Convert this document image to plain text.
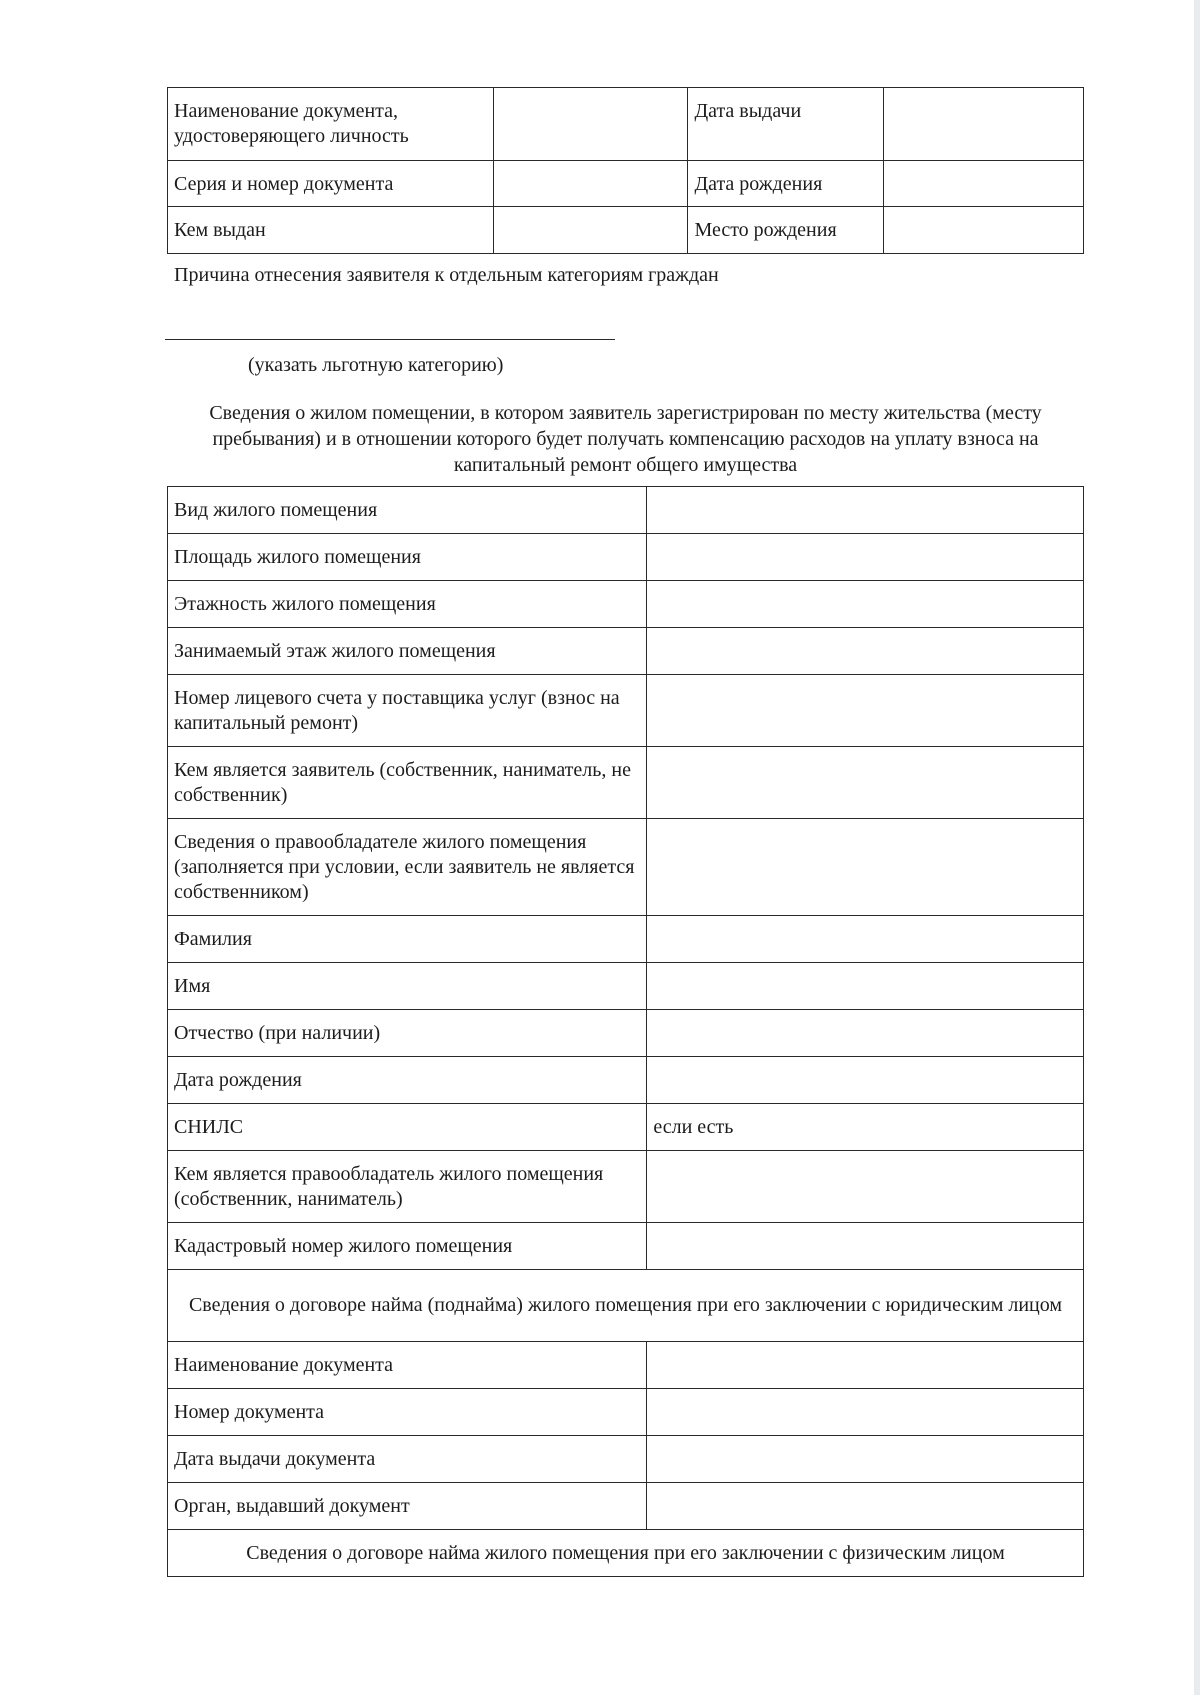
Наименование документа, удостоверяющего личность		Дата выдачи	
Серия и номер документа		Дата рождения	
Кем выдан		Место рождения	
Причина отнесения заявителя к отдельным категориям граждан
(указать льготную категорию)
Сведения о жилом помещении, в котором заявитель зарегистрирован по месту жительства (месту пребывания) и в отношении которого будет получать компенсацию расходов на уплату взноса на капитальный ремонт общего имущества
Вид жилого помещения	
Площадь жилого помещения	
Этажность жилого помещения	
Занимаемый этаж жилого помещения	
Номер лицевого счета у поставщика услуг (взнос на капитальный ремонт)	
Кем является заявитель (собственник, наниматель, не собственник)	
Сведения о правообладателе жилого помещения (заполняется при условии, если заявитель не является собственником)	
Фамилия	
Имя	
Отчество (при наличии)	
Дата рождения	
СНИЛС	если есть
Кем является правообладатель жилого помещения (собственник, наниматель)	
Кадастровый номер жилого помещения	
Сведения о договоре найма (поднайма) жилого помещения при его заключении с юридическим лицом	
Наименование документа	
Номер документа	
Дата выдачи документа	
Орган, выдавший документ	
Сведения о договоре найма жилого помещения при его заключении с физическим лицом	
